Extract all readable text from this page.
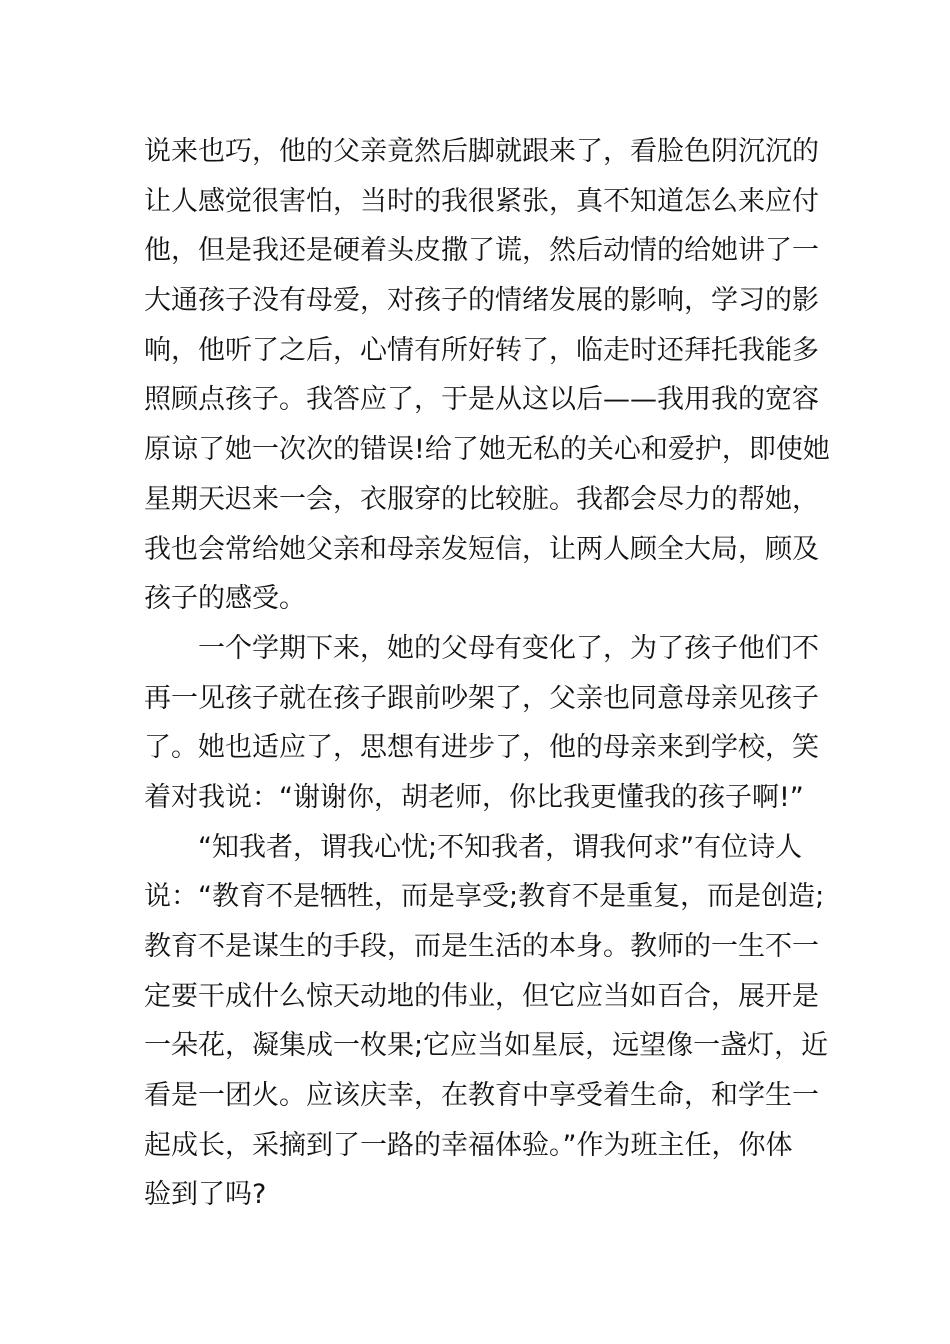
说来也巧，他的父亲竟然后脚就跟来了，看脸色阴沉沉的
让人感觉很害怕，当时的我很紧张，真不知道怎么来应付
他，但是我还是硬着头皮撒了谎，然后动情的给她讲了一
大通孩子没有母爱，对孩子的情绪发展的影响，学习的影
响，他听了之后，心情有所好转了，临走时还拜托我能多
照顾点孩子。我答应了，于是从这以后——我用我的宽容
原谅了她一次次的错误!给了她无私的关心和爱护，即使她
星期天迟来一会，衣服穿的比较脏。我都会尽力的帮她，
我也会常给她父亲和母亲发短信，让两人顾全大局，顾及
孩子的感受。
　　一个学期下来，她的父母有变化了，为了孩子他们不
再一见孩子就在孩子跟前吵架了，父亲也同意母亲见孩子
了。她也适应了，思想有进步了，他的母亲来到学校，笑
着对我说：“谢谢你，胡老师，你比我更懂我的孩子啊!”
　　“知我者，谓我心忧;不知我者，谓我何求”有位诗人
说：“教育不是牺牲，而是享受;教育不是重复，而是创造;
教育不是谋生的手段，而是生活的本身。教师的一生不一
定要干成什么惊天动地的伟业，但它应当如百合，展开是
一朵花，凝集成一枚果;它应当如星辰，远望像一盏灯，近
看是一团火。应该庆幸，在教育中享受着生命，和学生一
起成长，采摘到了一路的幸福体验。”作为班主任，你体
验到了吗?
